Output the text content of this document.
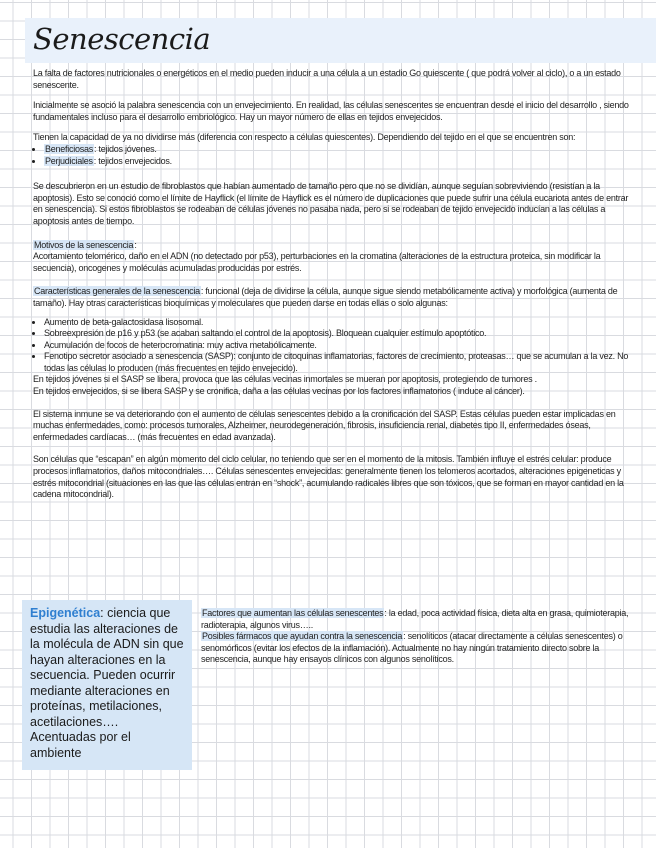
Senescencia

La falta de factores nutricionales o energéticos en el medio pueden inducir a una célula a un estadio Go quiescente ( que podrá volver al ciclo), o a un estado senescente.

Inicialmente se asoció la palabra senescencia con un envejecimiento. En realidad, las células senescentes se encuentran desde el inicio del desarrollo , siendo fundamentales incluso para el desarrollo embriológico. Hay un mayor número de ellas en tejidos envejecidos.

Tienen la capacidad de ya no dividirse más (diferencia con respecto a células quiescentes). Dependiendo del tejido en el que se encuentren son:

• Beneficiosas: tejidos jóvenes.
• Perjudiciales: tejidos envejecidos.

Se descubrieron en un estudio de fibroblastos que habían aumentado de tamaño pero que no se dividían, aunque seguían sobreviviendo (resistían a la apoptosis). Esto se conoció como el límite de Hayflick (el límite de Hayflick es el número de duplicaciones que puede sufrir una célula eucariota antes de entrar en senescencia). Si estos fibroblastos se rodeaban de células jóvenes no pasaba nada, pero si se rodeaban de tejido envejecido inducían a las células a apoptosis antes de tiempo.

Motivos de la senescencia:
Acortamiento telomérico, daño en el ADN (no detectado por p53), perturbaciones en la cromatina (alteraciones de la estructura proteica, sin modificar la secuencia), oncogenes y moléculas acumuladas producidas por estrés.

Características generales de la senescencia: funcional (deja de dividirse la célula, aunque sigue siendo metabólicamente activa) y morfológica (aumenta de tamaño). Hay otras características bioquímicas y moleculares que pueden darse en todas ellas o solo algunas:

• Aumento de beta-galactosidasa lisosomal.
• Sobreexpresión de p16 y p53 (se acaban saltando el control de la apoptosis). Bloquean cualquier estímulo apoptótico.
• Acumulación de focos de heterocromatina: muy activa metabólicamente.
• Fenotipo secretor asociado a senescencia (SASP): conjunto de citoquinas inflamatorias, factores de crecimiento, proteasas… que se acumulan a la vez. No todas las células lo producen (más frecuentes en tejido envejecido).

En tejidos jóvenes si el SASP se libera, provoca que las células vecinas inmortales se mueran por apoptosis, protegiendo de tumores .

En tejidos envejecidos, si se libera SASP y se cronifica, daña a las células vecinas por los factores inflamatorios ( induce al cáncer).

El sistema inmune se va deteriorando con el aumento de células senescentes debido a la cronificación del SASP. Estas células pueden estar implicadas en muchas enfermedades, como: procesos tumorales, Alzheimer, neurodegeneración, fibrosis, insuficiencia renal, diabetes tipo II, enfermedades óseas, enfermedades cardíacas… (más frecuentes en edad avanzada).

Son células que “escapan” en algún momento del ciclo celular, no teniendo que ser en el momento de la mitosis. También influye el estrés celular: produce procesos inflamatorios, daños mitocondriales…. Células senescentes envejecidas: generalmente tienen los telomeros acortados, alteraciones epigeneticas y estrés mitocondrial (situaciones en las que las células entran en “shock”, acumulando radicales libres que son tóxicos, que se forman en mayor cantidad en la cadena mitocondrial).

Epigenética: ciencia que estudia las alteraciones de la molécula de ADN sin que hayan alteraciones en la secuencia. Pueden ocurrir mediante alteraciones en proteínas, metilaciones, acetilaciones…. Acentuadas por el ambiente

Factores que aumentan las células senescentes: la edad, poca actividad física, dieta alta en grasa, quimioterapia, radioterapia, algunos virus…..

Posibles fármacos que ayudan contra la senescencia: senolíticos (atacar directamente a células senescentes) o senomórficos (evitar los efectos de la inflamación). Actualmente no hay ningún tratamiento directo sobre la senescencia, aunque hay ensayos clínicos con algunos senolíticos.
